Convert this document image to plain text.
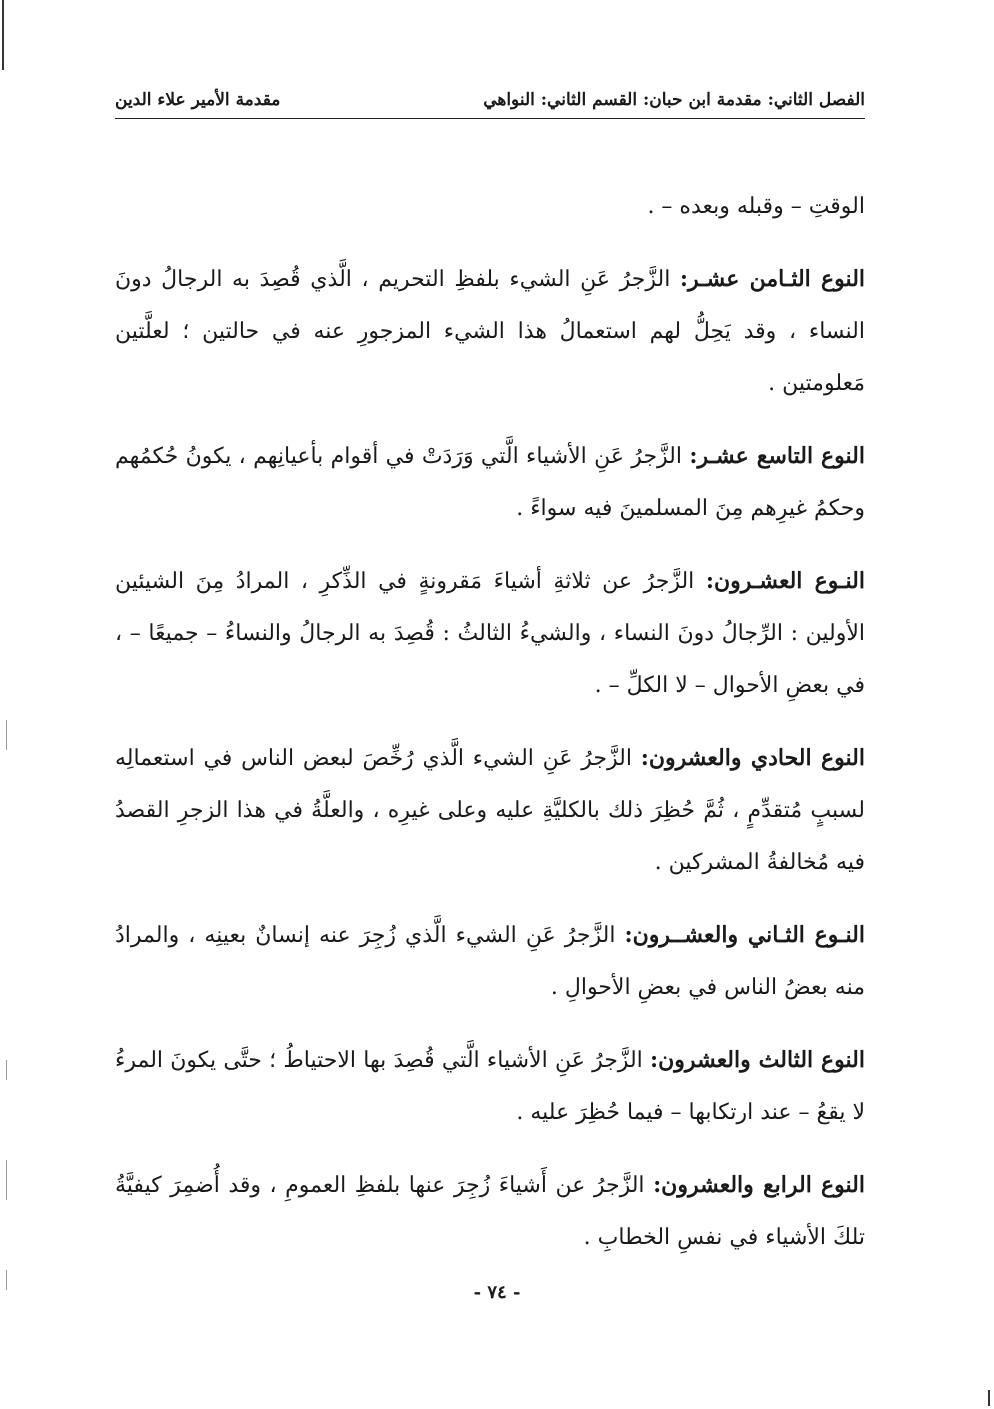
الفصل الثاني: مقدمة ابن حبان: القسم الثاني: النواهي
مقدمة الأمير علاء الدين

الوقتِ – وقبله وبعده – .

النوع الثـامن عشـر: الزَّجرُ عَنِ الشيء بلفظِ التحريم ، الَّذي قُصِدَ به الرجالُ دونَ النساء ، وقد يَحِلُّ لهم استعمالُ هذا الشيء المزجورِ عنه في حالتين ؛ لعلَّتين مَعلومتين .

النوع التاسع عشـر: الزَّجرُ عَنِ الأشياء الَّتي وَرَدَتْ في أقوام بأعيانِهم ، يكونُ حُكمُهم وحكمُ غيرِهم مِنَ المسلمينَ فيه سواءً .

النـوع العشـرون: الزَّجرُ عن ثلاثةِ أشياءَ مَقرونةٍ في الذِّكرِ ، المرادُ مِنَ الشيئين الأولين : الرِّجالُ دونَ النساء ، والشيءُ الثالثُ : قُصِدَ به الرجالُ والنساءُ – جميعًا – ، في بعضِ الأحوال – لا الكلِّ – .

النوع الحادي والعشرون: الزَّجرُ عَنِ الشيء الَّذي رُخِّصَ لبعض الناس في استعمالِه لسببٍ مُتقدِّمٍ ، ثُمَّ حُظِرَ ذلك بالكليَّةِ عليه وعلى غيرِه ، والعلَّةُ في هذا الزجرِ القصدُ فيه مُخالفةُ المشركين .

النـوع الثـاني والعشــرون: الزَّجرُ عَنِ الشيء الَّذي زُجِرَ عنه إنسانٌ بعينِه ، والمرادُ منه بعضُ الناس في بعضِ الأحوالِ .

النوع الثالث والعشرون: الزَّجرُ عَنِ الأشياء الَّتي قُصِدَ بها الاحتياطُ ؛ حتَّى يكونَ المرءُ لا يقعُ – عند ارتكابها – فيما حُظِرَ عليه .

النوع الرابع والعشرون: الزَّجرُ عن أَشياءَ زُجِرَ عنها بلفظِ العمومِ ، وقد أُضمِرَ كيفيَّةُ تلكَ الأشياء في نفسِ الخطابِ .

- ٧٤ -
